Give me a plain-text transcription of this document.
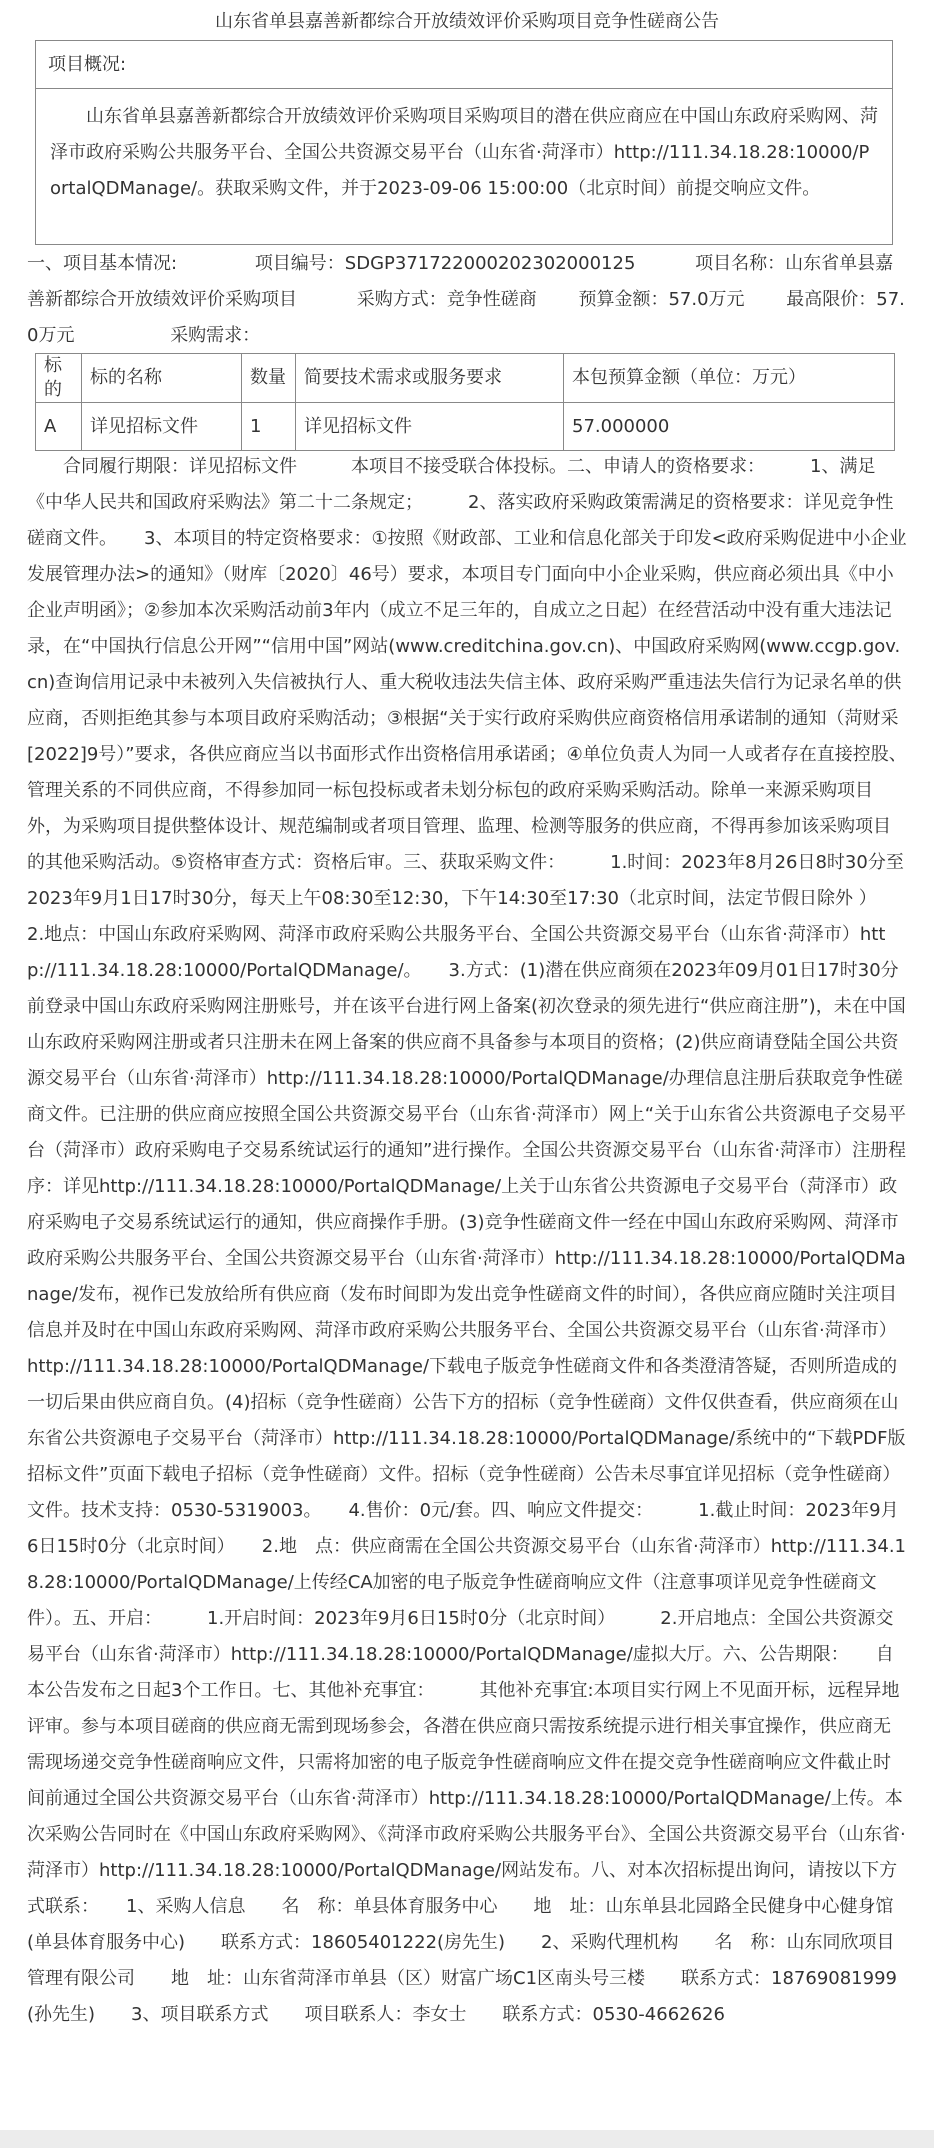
山东省单县嘉善新都综合开放绩效评价采购项目竞争性磋商公告
项目概况:
山东省单县嘉善新都综合开放绩效评价采购项目采购项目的潜在供应商应在中国山东政府采购网、菏泽市政府采购公共服务平台、全国公共资源交易平台（山东省·菏泽市）http://111.34.18.28:10000/PortalQDManage/。获取采购文件，并于2023-09-06 15:00:00（北京时间）前提交响应文件。
一、项目基本情况:　　　　	项目编号：SDGP371722000202302000125　　　	项目名称：山东省单县嘉善新都综合开放绩效评价采购项目　　　	采购方式：竞争性磋商　　 预算金额：57.0万元　　 最高限价：57.0万元　　　　　	采购需求：
标的	标的名称	数量	简要技术需求或服务要求	本包预算金额（单位：万元）
A	详见招标文件	1	详见招标文件	57.000000
合同履行期限：详见招标文件　　　本项目不接受联合体投标。二、申请人的资格要求：　　　1、满足《中华人民共和国政府采购法》第二十二条规定；　　　2、落实政府采购政策需满足的资格要求：详见竞争性磋商文件。　　3、本项目的特定资格要求：①按照《财政部、工业和信息化部关于印发<政府采购促进中小企业发展管理办法>的通知》（财库〔2020〕46号）要求，本项目专门面向中小企业采购，供应商必须出具《中小企业声明函》；②参加本次采购活动前3年内（成立不足三年的，自成立之日起）在经营活动中没有重大违法记录，在“中国执行信息公开网”“信用中国”网站(www.creditchina.gov.cn)、中国政府采购网(www.ccgp.gov.cn)查询信用记录中未被列入失信被执行人、重大税收违法失信主体、政府采购严重违法失信行为记录名单的供应商，否则拒绝其参与本项目政府采购活动；③根据“关于实行政府采购供应商资格信用承诺制的通知（菏财采[2022]9号）”要求，各供应商应当以书面形式作出资格信用承诺函；④单位负责人为同一人或者存在直接控股、管理关系的不同供应商，不得参加同一标包投标或者未划分标包的政府采购采购活动。除单一来源采购项目外，为采购项目提供整体设计、规范编制或者项目管理、监理、检测等服务的供应商，不得再参加该采购项目的其他采购活动。⑤资格审查方式：资格后审。三、获取采购文件：　　　1.时间：2023年8月26日8时30分至2023年9月1日17时30分，每天上午08:30至12:30，下午14:30至17:30（北京时间，法定节假日除外 ）　　2.地点：中国山东政府采购网、菏泽市政府采购公共服务平台、全国公共资源交易平台（山东省·菏泽市）http://111.34.18.28:10000/PortalQDManage/。　　3.方式：(1)潜在供应商须在2023年09月01日17时30分前登录中国山东政府采购网注册账号，并在该平台进行网上备案(初次登录的须先进行“供应商注册”)，未在中国山东政府采购网注册或者只注册未在网上备案的供应商不具备参与本项目的资格；(2)供应商请登陆全国公共资源交易平台（山东省·菏泽市）http://111.34.18.28:10000/PortalQDManage/办理信息注册后获取竞争性磋商文件。已注册的供应商应按照全国公共资源交易平台（山东省·菏泽市）网上“关于山东省公共资源电子交易平台（菏泽市）政府采购电子交易系统试运行的通知”进行操作。全国公共资源交易平台（山东省·菏泽市）注册程序：详见http://111.34.18.28:10000/PortalQDManage/上关于山东省公共资源电子交易平台（菏泽市）政府采购电子交易系统试运行的通知，供应商操作手册。(3)竞争性磋商文件一经在中国山东政府采购网、菏泽市政府采购公共服务平台、全国公共资源交易平台（山东省·菏泽市）http://111.34.18.28:10000/PortalQDManage/发布，视作已发放给所有供应商（发布时间即为发出竞争性磋商文件的时间），各供应商应随时关注项目信息并及时在中国山东政府采购网、菏泽市政府采购公共服务平台、全国公共资源交易平台（山东省·菏泽市）http://111.34.18.28:10000/PortalQDManage/下载电子版竞争性磋商文件和各类澄清答疑，否则所造成的一切后果由供应商自负。(4)招标（竞争性磋商）公告下方的招标（竞争性磋商）文件仅供查看，供应商须在山东省公共资源电子交易平台（菏泽市）http://111.34.18.28:10000/PortalQDManage/系统中的“下载PDF版招标文件”页面下载电子招标（竞争性磋商）文件。招标（竞争性磋商）公告未尽事宜详见招标（竞争性磋商）文件。技术支持：0530-5319003。　　4.售价：0元/套。四、响应文件提交：　　　1.截止时间：2023年9月6日15时0分（北京时间）　　2.地　点：供应商需在全国公共资源交易平台（山东省·菏泽市）http://111.34.18.28:10000/PortalQDManage/上传经CA加密的电子版竞争性磋商响应文件（注意事项详见竞争性磋商文件）。五、开启：　　　1.开启时间：2023年9月6日15时0分（北京时间）　　　2.开启地点：全国公共资源交易平台（山东省·菏泽市）http://111.34.18.28:10000/PortalQDManage/虚拟大厅。六、公告期限：　　自本公告发布之日起3个工作日。七、其他补充事宜：　　　其他补充事宜:本项目实行网上不见面开标，远程异地评审。参与本项目磋商的供应商无需到现场参会，各潜在供应商只需按系统提示进行相关事宜操作，供应商无需现场递交竞争性磋商响应文件，只需将加密的电子版竞争性磋商响应文件在提交竞争性磋商响应文件截止时间前通过全国公共资源交易平台（山东省·菏泽市）http://111.34.18.28:10000/PortalQDManage/上传。本次采购公告同时在《中国山东政府采购网》、《菏泽市政府采购公共服务平台》、全国公共资源交易平台（山东省·菏泽市）http://111.34.18.28:10000/PortalQDManage/网站发布。八、对本次招标提出询问，请按以下方式联系：　　1、采购人信息　　名　称：单县体育服务中心　　地　址：山东单县北园路全民健身中心健身馆(单县体育服务中心)　　联系方式：18605401222(房先生)　　2、采购代理机构　　名　称：山东同欣项目管理有限公司　　地　址：山东省菏泽市单县（区）财富广场C1区南头号三楼　　联系方式：18769081999(孙先生)　　3、项目联系方式　　项目联系人：李女士　　联系方式：0530-4662626
